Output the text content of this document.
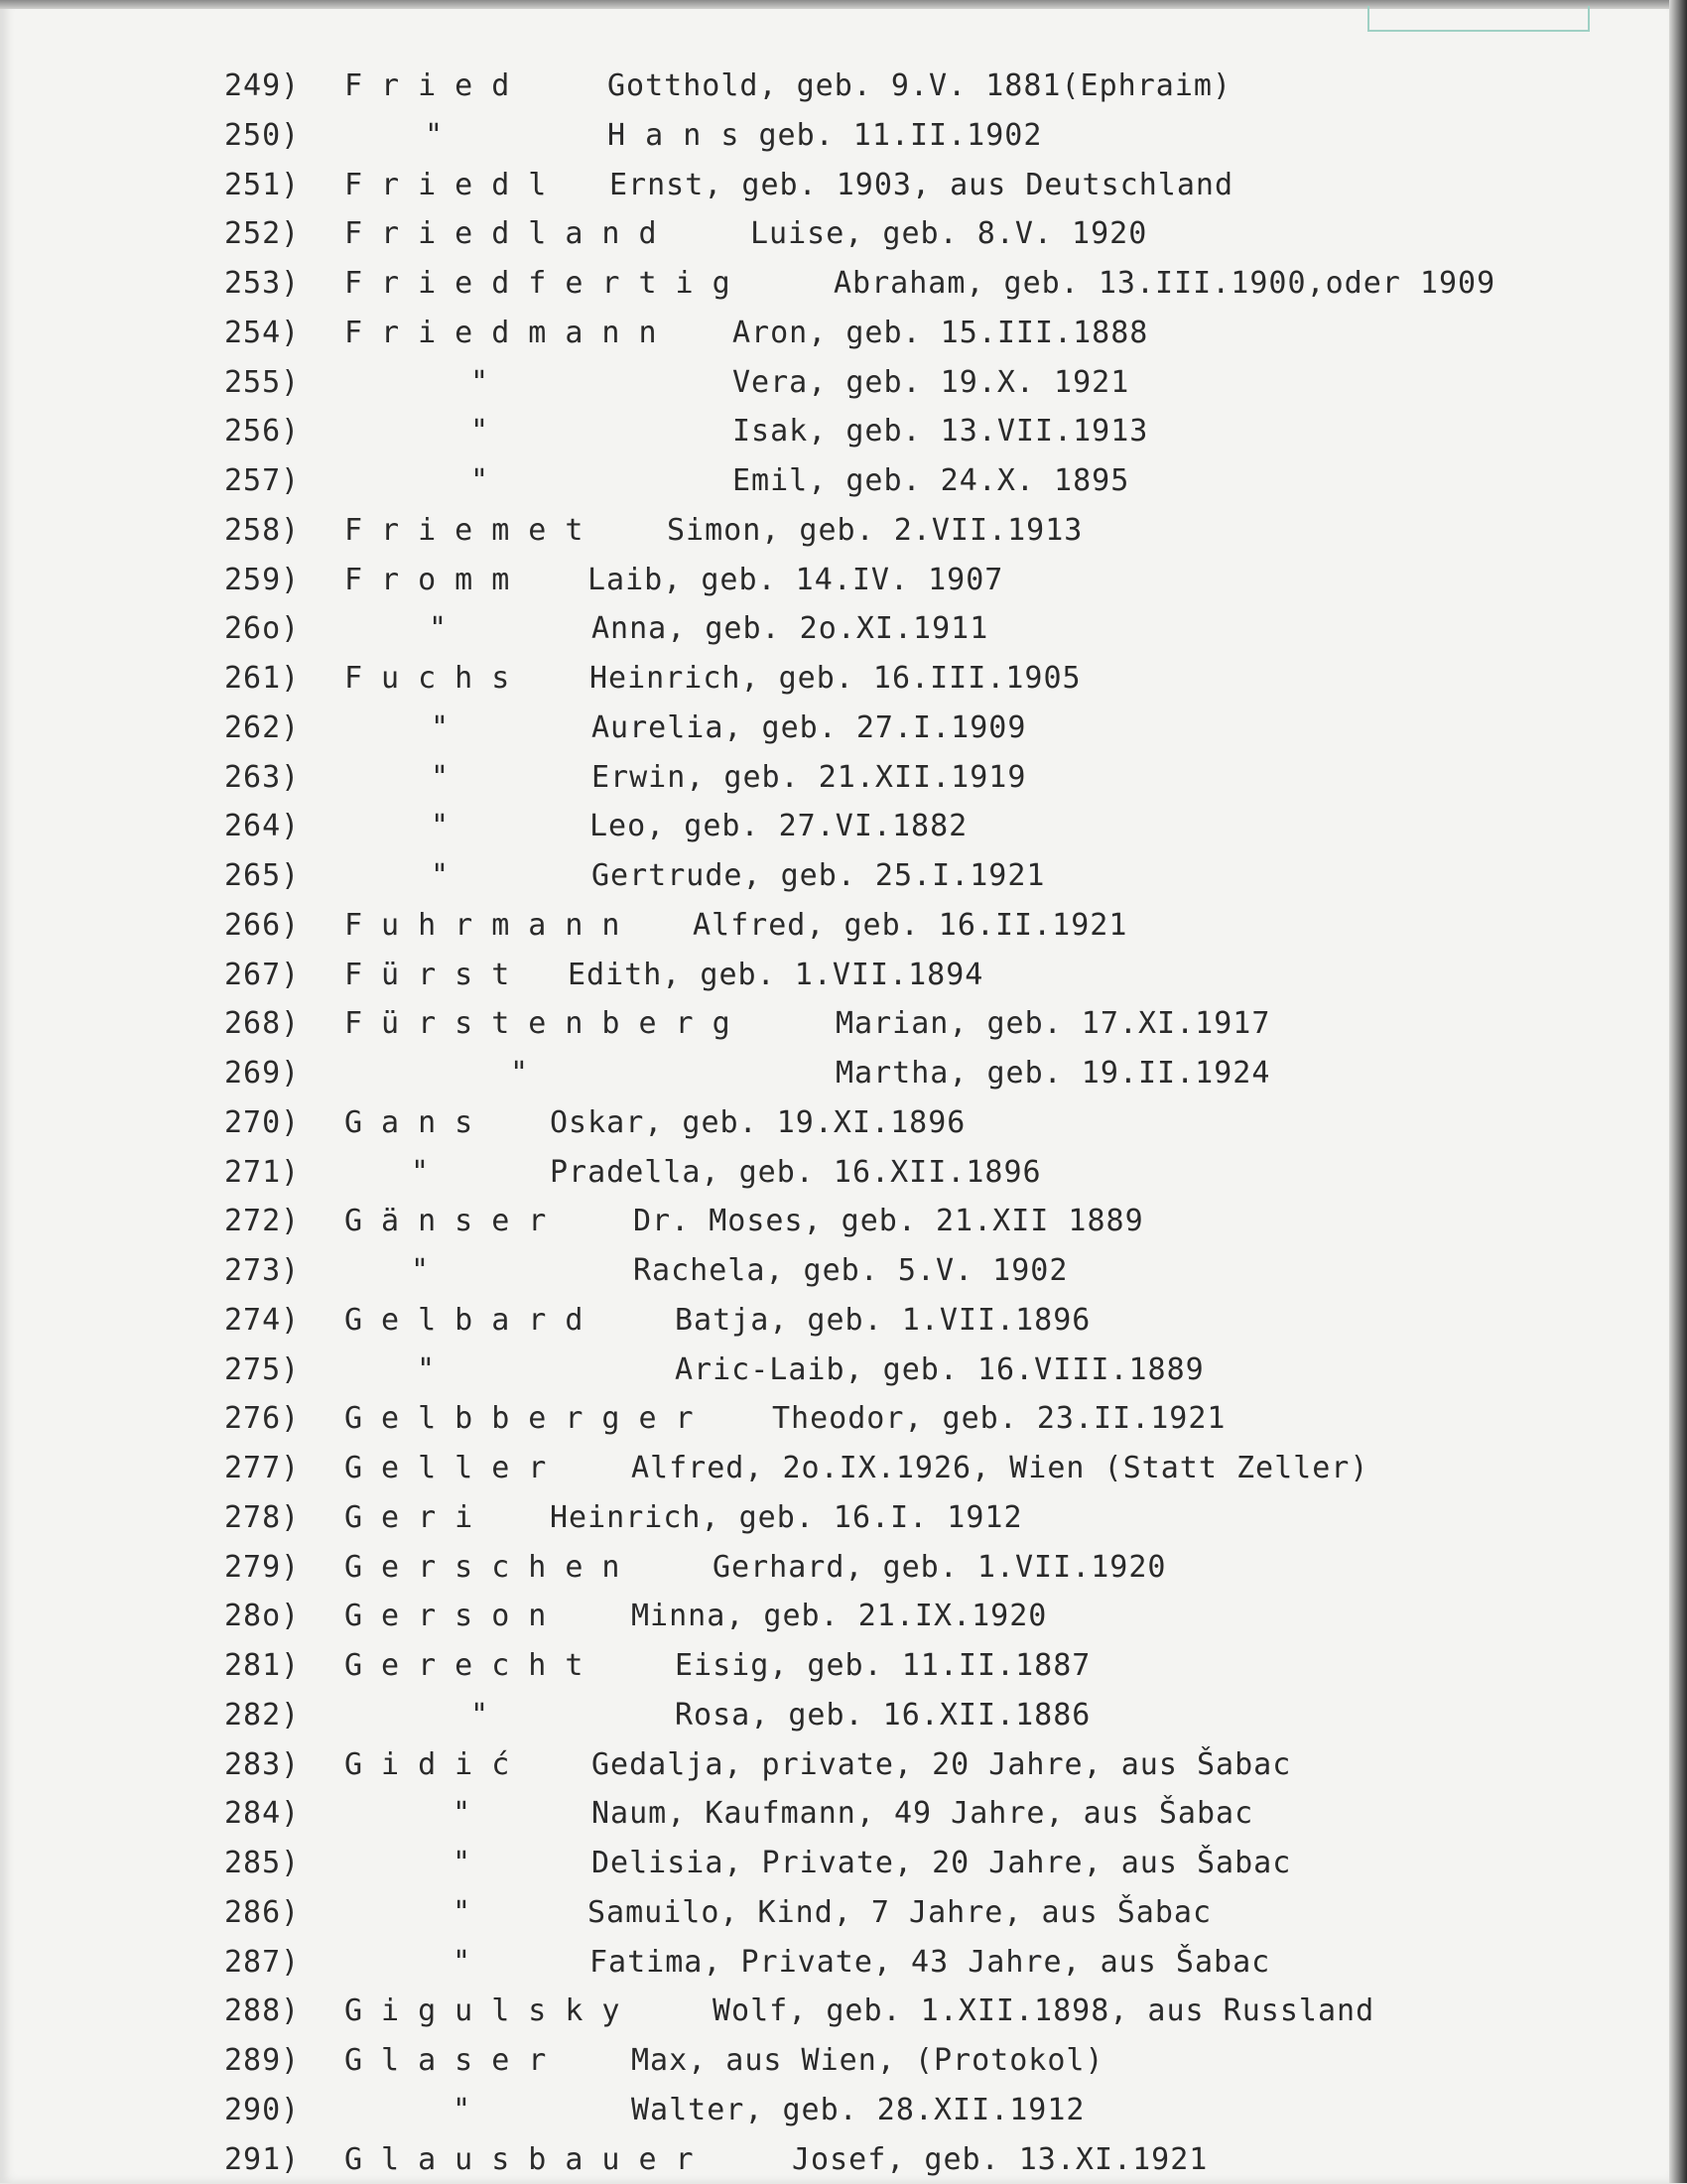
249) Fried	Gotthold, geb. 9.V. 1881(Ephraim)
250)	"	H a n s geb. 11.II.1902
251) Friedl Ernst, geb. 1903, aus Deutschland
252) Friedland	Luise, geb. 8.V. 1920
253) Friedfertig	Abraham, geb. 13.III.1900,oder 1909
254) Friedmann Aron, geb. 15.III.1888
255)	"	Vera, geb. 19.X. 1921
256)	"	Isak, geb. 13.VII.1913
257)	"	Emil, geb. 24.X. 1895
258) Friemet Simon, geb. 2.VII.1913
259) Fromm Laib, geb. 14.IV. 1907
26o)	"	Anna, geb. 2o.XI.1911
261) Fuchs Heinrich, geb. 16.III.1905
262)	"	Aurelia, geb. 27.I.1909
263)	"	Erwin, geb. 21.XII.1919
264)	"	Leo, geb. 27.VI.1882
265)	"	Gertrude, geb. 25.I.1921
266) Fuhrmann Alfred, geb. 16.II.1921
267) Fürst Edith, geb. 1.VII.1894
268) Fürstenberg	Marian, geb. 17.XI.1917
269)	"	Martha, geb. 19.II.1924
270) Gans Oskar, geb. 19.XI.1896
271)	"	Pradella, geb. 16.XII.1896
272) Gänser Dr. Moses, geb. 21.XII 1889
273)	"	Rachela, geb. 5.V. 1902
274) Gelbard Batja, geb. 1.VII.1896
275)	"	Aric-Laib, geb. 16.VIII.1889
276) Gelbberger Theodor, geb. 23.II.1921
277) Geller Alfred, 2o.IX.1926, Wien (Statt Zeller)
278) Geri Heinrich, geb. 16.I. 1912
279) Gerschen Gerhard, geb. 1.VII.1920
28o) Gerson Minna, geb. 21.IX.1920
281) Gerecht Eisig, geb. 11.II.1887
282)	"	Rosa, geb. 16.XII.1886
283) Gidić Gedalja, private, 20 Jahre, aus Šabac
284)	"	Naum, Kaufmann, 49 Jahre, aus Šabac
285)	"	Delisia, Private, 20 Jahre, aus Šabac
286)	"	Samuilo, Kind, 7 Jahre, aus Šabac
287)	"	Fatima, Private, 43 Jahre, aus Šabac
288) Gigulsky Wolf, geb. 1.XII.1898, aus Russland
289) Glaser Max, aus Wien, (Protokol)
290)	"	Walter, geb. 28.XII.1912
291) Glausbauer	Josef, geb. 13.XI.1921
